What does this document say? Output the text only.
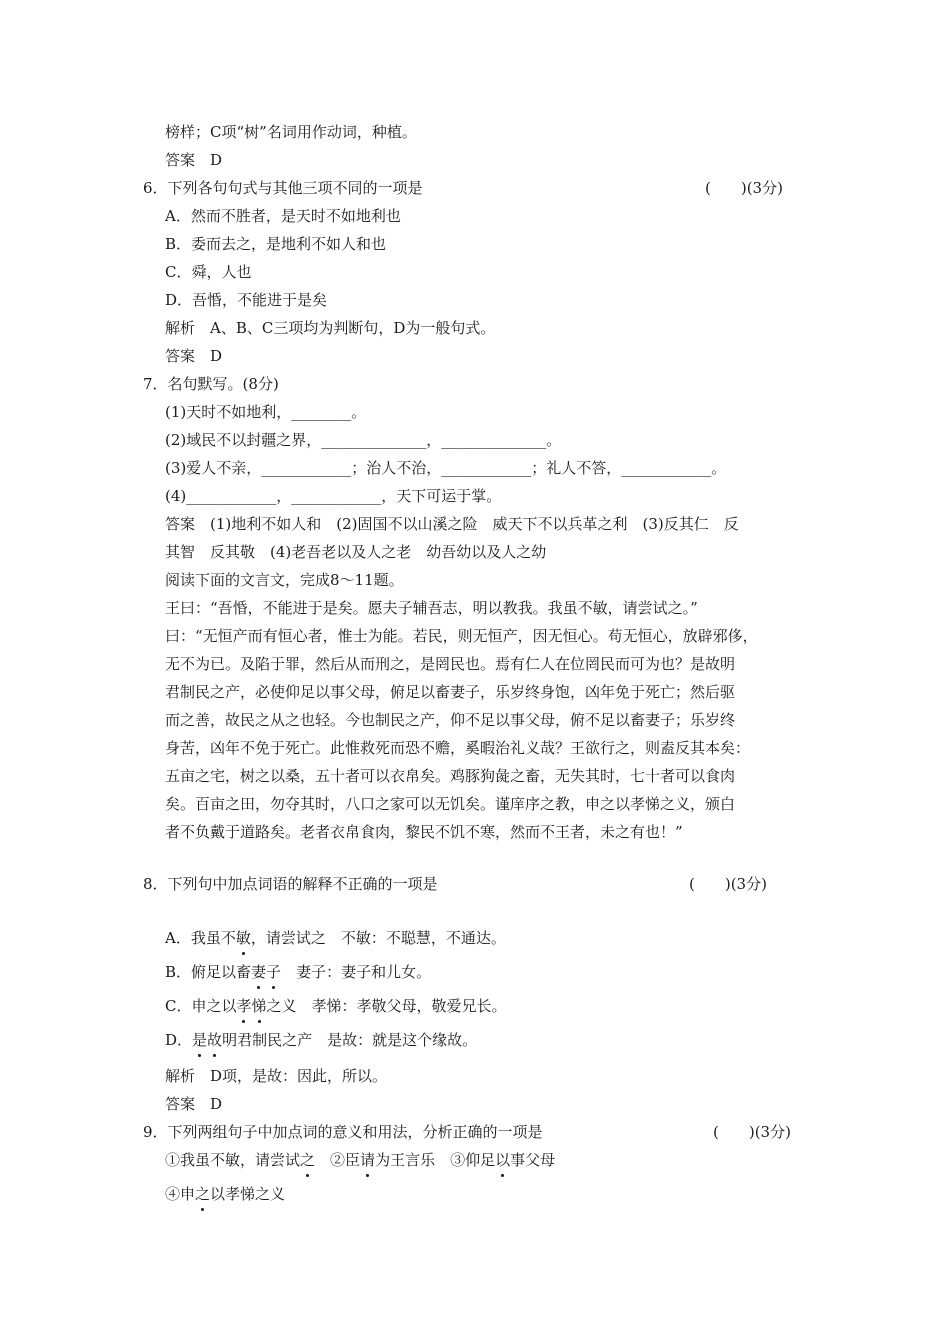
榜样；C项“树”名词用作动词，种植。
答案　D
6．下列各句句式与其他三项不同的一项是	(　　)(3分)
A．然而不胜者，是天时不如地利也
B．委而去之，是地利不如人和也
C．舜，人也
D．吾惛，不能进于是矣
解析　A、B、C三项均为判断句，D为一般句式。
答案　D
7．名句默写。(8分)
(1)天时不如地利，________。
(2)域民不以封疆之界，______________，______________。
(3)爱人不亲，____________；治人不治，____________；礼人不答，____________。
(4)____________，____________，天下可运于掌。
答案　(1)地利不如人和　(2)固国不以山溪之险　威天下不以兵革之利　(3)反其仁　反
其智　反其敬　(4)老吾老以及人之老　幼吾幼以及人之幼
阅读下面的文言文，完成8～11题。
王曰：“吾惛，不能进于是矣。愿夫子辅吾志，明以教我。我虽不敏，请尝试之。”
曰：“无恒产而有恒心者，惟士为能。若民，则无恒产，因无恒心。苟无恒心，放辟邪侈，
无不为已。及陷于罪，然后从而刑之，是罔民也。焉有仁人在位罔民而可为也？是故明
君制民之产，必使仰足以事父母，俯足以畜妻子，乐岁终身饱，凶年免于死亡；然后驱
而之善，故民之从之也轻。今也制民之产，仰不足以事父母，俯不足以畜妻子；乐岁终
身苦，凶年不免于死亡。此惟救死而恐不赡，奚暇治礼义哉？王欲行之，则盍反其本矣：
五亩之宅，树之以桑，五十者可以衣帛矣。鸡豚狗彘之畜，无失其时，七十者可以食肉
矣。百亩之田，勿夺其时，八口之家可以无饥矣。谨庠序之教，申之以孝悌之义，颁白
者不负戴于道路矣。老者衣帛食肉，黎民不饥不寒，然而不王者，未之有也！”
8．下列句中加点词语的解释不正确的一项是	(　　)(3分)
A．我虽不敏，请尝试之　不敏：不聪慧，不通达。
B．俯足以畜妻子　妻子：妻子和儿女。
C．申之以孝悌之义　孝悌：孝敬父母，敬爱兄长。
D．是故明君制民之产　是故：就是这个缘故。
解析　D项，是故：因此，所以。
答案　D
9．下列两组句子中加点词的意义和用法，分析正确的一项是	(　　)(3分)
①我虽不敏，请尝试之　②臣请为王言乐　③仰足以事父母
④申之以孝悌之义
